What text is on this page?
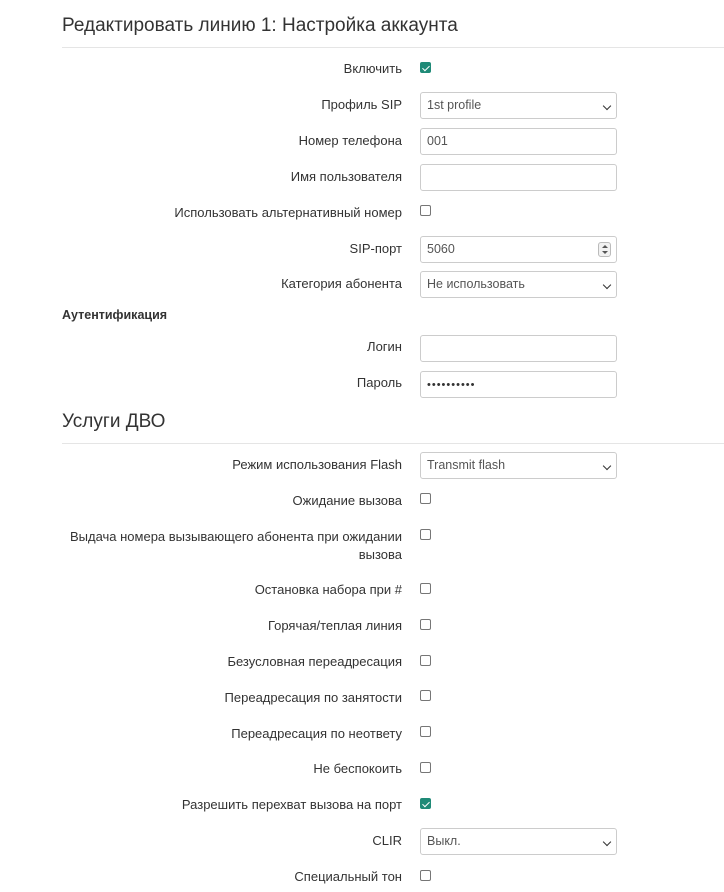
Редактировать линию 1: Настройка аккаунта
Включить
Профиль SIP	1st profile
Номер телефона	001
Имя пользователя
Использовать альтернативный номер
SIP-порт	5060
Категория абонента	Не использовать
Аутентификация
Логин
Пароль	••••••••••
Услуги ДВО
Режим использования Flash	Transmit flash
Ожидание вызова
Выдача номера вызывающего абонента при ожидании вызова
Остановка набора при #
Горячая/теплая линия
Безусловная переадресация
Переадресация по занятости
Переадресация по неответу
Не беспокоить
Разрешить перехват вызова на порт
CLIR	Выкл.
Специальный тон
